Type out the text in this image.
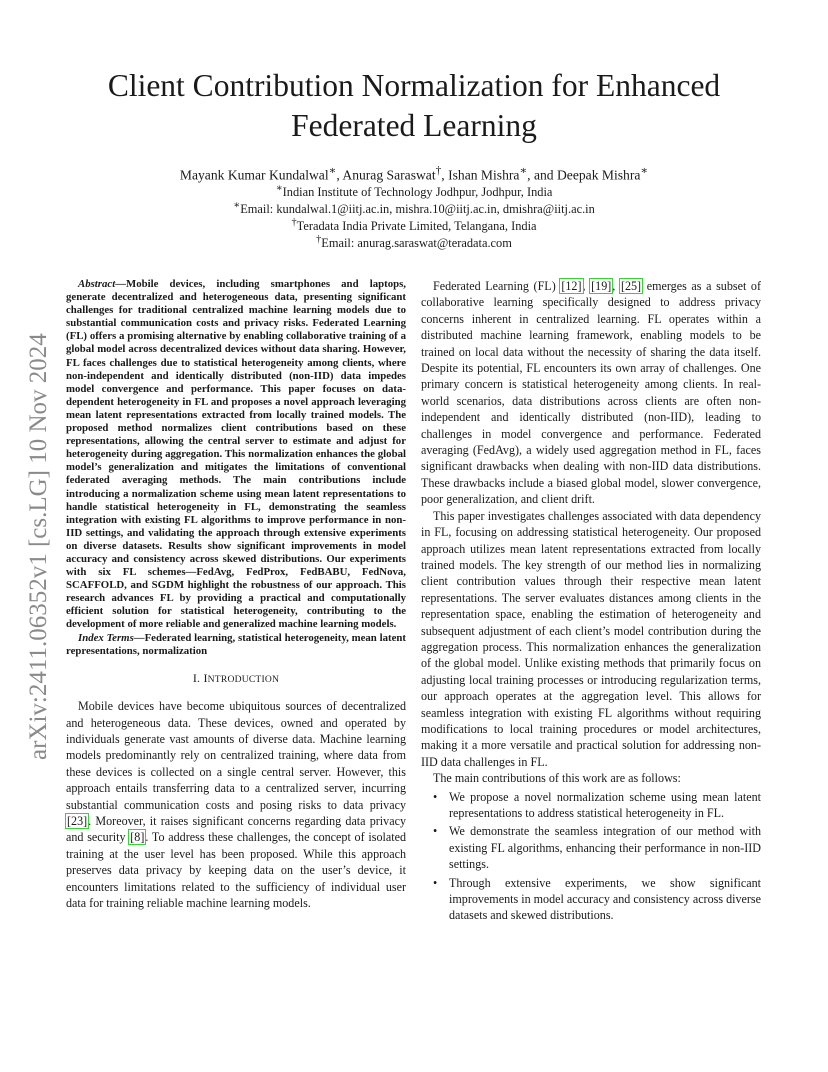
Client Contribution Normalization for Enhanced
Federated Learning
Mayank Kumar Kundalwal∗, Anurag Saraswat†, Ishan Mishra∗, and Deepak Mishra∗
∗Indian Institute of Technology Jodhpur, Jodhpur, India
∗Email: kundalwal.1@iitj.ac.in, mishra.10@iitj.ac.in, dmishra@iitj.ac.in
†Teradata India Private Limited, Telangana, India
†Email: anurag.saraswat@teradata.com
arXiv:2411.06352v1 [cs.LG] 10 Nov 2024

Abstract—Mobile devices, including smartphones and laptops, generate decentralized and heterogeneous data, presenting significant challenges for traditional centralized machine learning models due to substantial communication costs and privacy risks. Federated Learning (FL) offers a promising alternative by enabling collaborative training of a global model across decentralized devices without data sharing. However, FL faces challenges due to statistical heterogeneity among clients, where non-independent and identically distributed (non-IID) data impedes model convergence and performance. This paper focuses on data-dependent heterogeneity in FL and proposes a novel approach leveraging mean latent representations extracted from locally trained models. The proposed method normalizes client contributions based on these representations, allowing the central server to estimate and adjust for heterogeneity during aggregation. This normalization enhances the global model’s generalization and mitigates the limitations of conventional federated averaging methods. The main contributions include introducing a normalization scheme using mean latent representations to handle statistical heterogeneity in FL, demonstrating the seamless integration with existing FL algorithms to improve performance in non-IID settings, and validating the approach through extensive experiments on diverse datasets. Results show significant improvements in model accuracy and consistency across skewed distributions. Our experiments with six FL schemes—FedAvg, FedProx, FedBABU, FedNova, SCAFFOLD, and SGDM highlight the robustness of our approach. This research advances FL by providing a practical and computationally efficient solution for statistical heterogeneity, contributing to the development of more reliable and generalized machine learning models.

Index Terms—Federated learning, statistical heterogeneity, mean latent representations, normalization

I. INTRODUCTION

Mobile devices have become ubiquitous sources of decentralized and heterogeneous data. These devices, owned and operated by individuals generate vast amounts of diverse data. Machine learning models predominantly rely on centralized training, where data from these devices is collected on a single central server. However, this approach entails transferring data to a centralized server, incurring substantial communication costs and posing risks to data privacy [23]. Moreover, it raises significant concerns regarding data privacy and security [8]. To address these challenges, the concept of isolated training at the user level has been proposed. While this approach preserves data privacy by keeping data on the user’s device, it encounters limitations related to the sufficiency of individual user data for training reliable machine learning models.

Federated Learning (FL) [12], [19], [25] emerges as a subset of collaborative learning specifically designed to address privacy concerns inherent in centralized learning. FL operates within a distributed machine learning framework, enabling models to be trained on local data without the necessity of sharing the data itself. Despite its potential, FL encounters its own array of challenges. One primary concern is statistical heterogeneity among clients. In real-world scenarios, data distributions across clients are often non-independent and identically distributed (non-IID), leading to challenges in model convergence and performance. Federated averaging (FedAvg), a widely used aggregation method in FL, faces significant drawbacks when dealing with non-IID data distributions. These drawbacks include a biased global model, slower convergence, poor generalization, and client drift.

This paper investigates challenges associated with data dependency in FL, focusing on addressing statistical heterogeneity. Our proposed approach utilizes mean latent representations extracted from locally trained models. The key strength of our method lies in normalizing client contribution values through their respective mean latent representations. The server evaluates distances among clients in the representation space, enabling the estimation of heterogeneity and subsequent adjustment of each client’s model contribution during the aggregation process. This normalization enhances the generalization of the global model. Unlike existing methods that primarily focus on adjusting local training processes or introducing regularization terms, our approach operates at the aggregation level. This allows for seamless integration with existing FL algorithms without requiring modifications to local training procedures or model architectures, making it a more versatile and practical solution for addressing non-IID data challenges in FL.

The main contributions of this work are as follows:

• We propose a novel normalization scheme using mean latent representations to address statistical heterogeneity in FL.
• We demonstrate the seamless integration of our method with existing FL algorithms, enhancing their performance in non-IID settings.
• Through extensive experiments, we show significant improvements in model accuracy and consistency across diverse datasets and skewed distributions.
